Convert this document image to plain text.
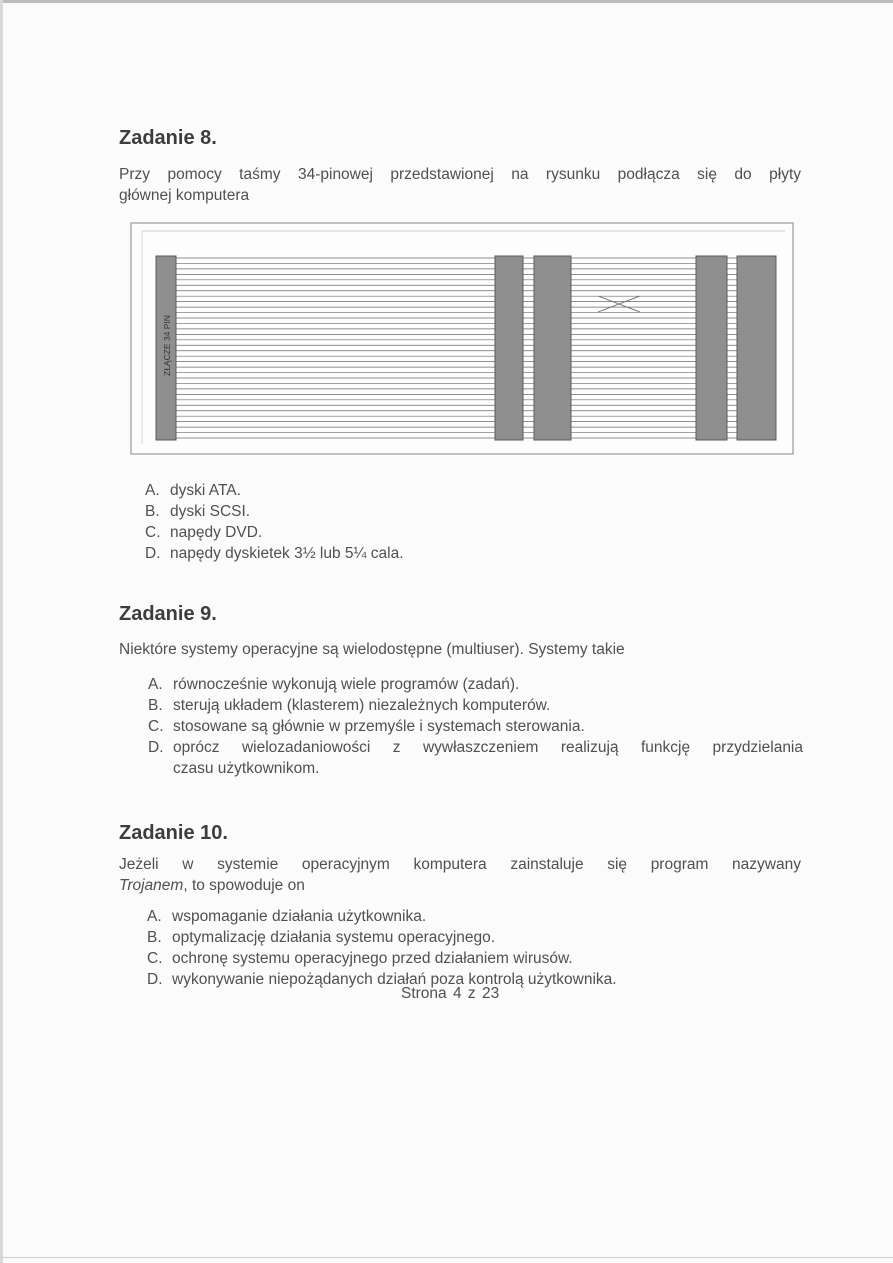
Zadanie 8.

Przy pomocy taśmy 34-pinowej przedstawionej na rysunku podłącza się do płyty
głównej komputera

ZŁĄCZE 34 PIN
A. dyski ATA.
B. dyski SCSI.
C. napędy DVD.
D. napędy dyskietek 3½ lub 5¼ cala.
Zadanie 9.

Niektóre systemy operacyjne są wielodostępne (multiuser). Systemy takie

A. równocześnie wykonują wiele programów (zadań).
B. sterują układem (klasterem) niezależnych komputerów.
C. stosowane są głównie w przemyśle i systemach sterowania.
D. oprócz wielozadaniowości z wywłaszczeniem realizują funkcję przydzielania
czasu użytkownikom.
Zadanie 10.

Jeżeli w systemie operacyjnym komputera zainstaluje się program nazywany
Trojanem, to spowoduje on

A. wspomaganie działania użytkownika.
B. optymalizację działania systemu operacyjnego.
C. ochronę systemu operacyjnego przed działaniem wirusów.
D. wykonywanie niepożądanych działań poza kontrolą użytkownika.
Strona 4 z 23
